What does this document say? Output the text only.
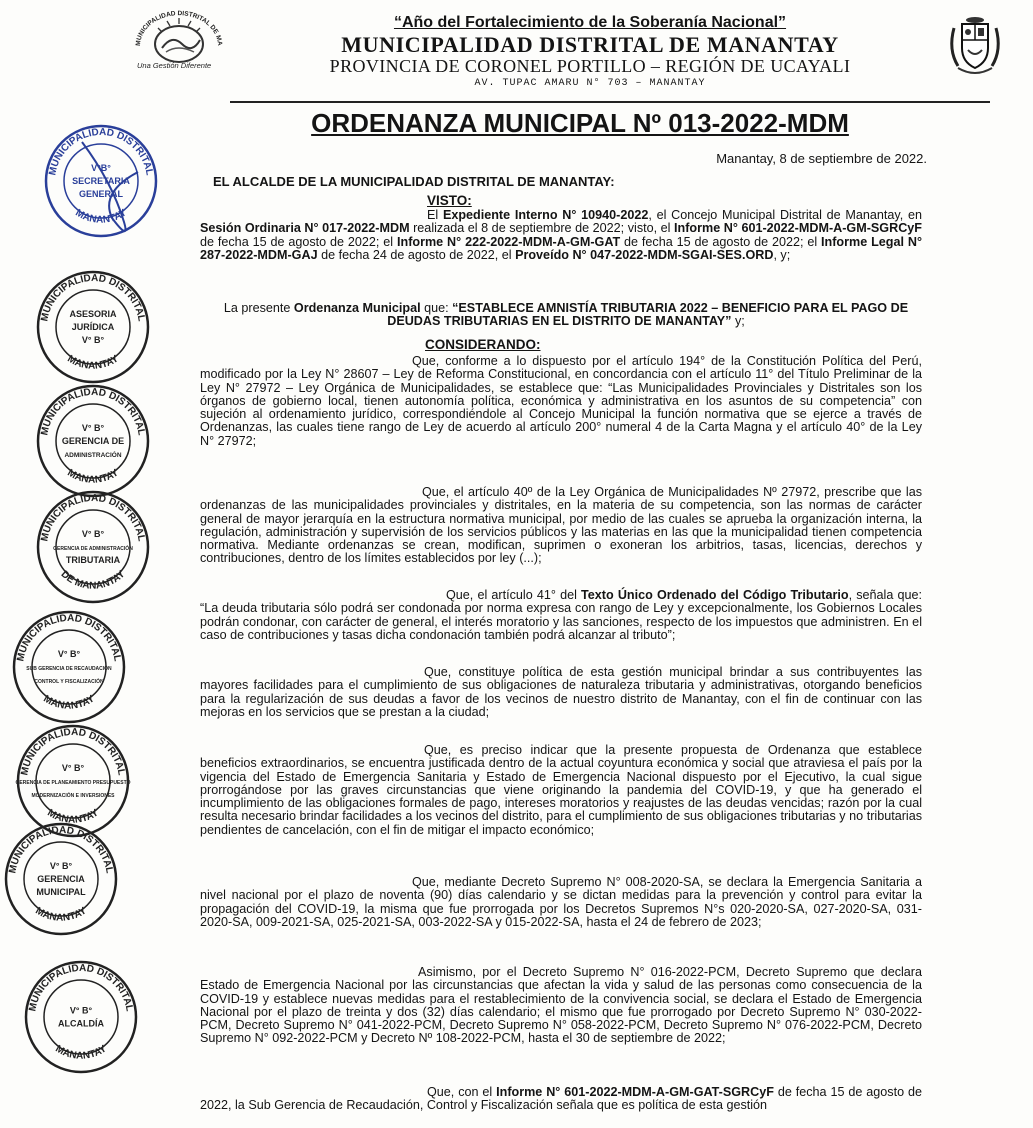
MUNICIPALIDAD DISTRITAL DE MA
Una Gestión Diferente
“Año del Fortalecimiento de la Soberanía Nacional”
MUNICIPALIDAD DISTRITAL DE MANANTAY
PROVINCIA DE CORONEL PORTILLO – REGIÓN DE UCAYALI
AV. TUPAC AMARU N° 703 – MANANTAY
ORDENANZA MUNICIPAL Nº 013-2022-MDM
Manantay, 8 de septiembre de 2022.
EL ALCALDE DE LA MUNICIPALIDAD DISTRITAL DE MANANTAY:
VISTO:

El Expediente Interno N° 10940-2022, el Concejo Municipal Distrital de Manantay, en Sesión Ordinaria N° 017-2022-MDM realizada el 8 de septiembre de 2022; visto, el Informe N° 601-2022-MDM-A-GM-SGRCyF de fecha 15 de agosto de 2022; el Informe N° 222-2022-MDM-A-GM-GAT de fecha 15 de agosto de 2022; el Informe Legal N° 287-2022-MDM-GAJ de fecha 24 de agosto de 2022, el Proveído N° 047-2022-MDM-SGAI-SES.ORD, y;

La presente Ordenanza Municipal que: “ESTABLECE AMNISTÍA TRIBUTARIA 2022 – BENEFICIO PARA EL PAGO DE DEUDAS TRIBUTARIAS EN EL DISTRITO DE MANANTAY” y;

CONSIDERANDO:

Que, conforme a lo dispuesto por el artículo 194° de la Constitución Política del Perú, modificado por la Ley N° 28607 – Ley de Reforma Constitucional, en concordancia con el artículo 11° del Título Preliminar de la Ley N° 27972 – Ley Orgánica de Municipalidades, se establece que: “Las Municipalidades Provinciales y Distritales son los órganos de gobierno local, tienen autonomía política, económica y administrativa en los asuntos de su competencia” con sujeción al ordenamiento jurídico, correspondiéndole al Concejo Municipal la función normativa que se ejerce a través de Ordenanzas, las cuales tiene rango de Ley de acuerdo al artículo 200° numeral 4 de la Carta Magna y el artículo 40° de la Ley N° 27972;

Que, el artículo 40º de la Ley Orgánica de Municipalidades Nº 27972, prescribe que las ordenanzas de las municipalidades provinciales y distritales, en la materia de su competencia, son las normas de carácter general de mayor jerarquía en la estructura normativa municipal, por medio de las cuales se aprueba la organización interna, la regulación, administración y supervisión de los servicios públicos y las materias en las que la municipalidad tienen competencia normativa. Mediante ordenanzas se crean, modifican, suprimen o exoneran los arbitrios, tasas, licencias, derechos y contribuciones, dentro de los límites establecidos por ley (...);

Que, el artículo 41° del Texto Único Ordenado del Código Tributario, señala que: “La deuda tributaria sólo podrá ser condonada por norma expresa con rango de Ley y excepcionalmente, los Gobiernos Locales podrán condonar, con carácter de general, el interés moratorio y las sanciones, respecto de los impuestos que administren. En el caso de contribuciones y tasas dicha condonación también podrá alcanzar al tributo”;

Que, constituye política de esta gestión municipal brindar a sus contribuyentes las mayores facilidades para el cumplimiento de sus obligaciones de naturaleza tributaria y administrativas, otorgando beneficios para la regularización de sus deudas a favor de los vecinos de nuestro distrito de Manantay, con el fin de continuar con las mejoras en los servicios que se prestan a la ciudad;

Que, es preciso indicar que la presente propuesta de Ordenanza que establece beneficios extraordinarios, se encuentra justificada dentro de la actual coyuntura económica y social que atraviesa el país por la vigencia del Estado de Emergencia Sanitaria y Estado de Emergencia Nacional dispuesto por el Ejecutivo, la cual sigue prorrogándose por las graves circunstancias que viene originando la pandemia del COVID-19, y que ha generado el incumplimiento de las obligaciones formales de pago, intereses moratorios y reajustes de las deudas vencidas; razón por la cual resulta necesario brindar facilidades a los vecinos del distrito, para el cumplimiento de sus obligaciones tributarias y no tributarias pendientes de cancelación, con el fin de mitigar el impacto económico;

Que, mediante Decreto Supremo N° 008-2020-SA, se declara la Emergencia Sanitaria a nivel nacional por el plazo de noventa (90) días calendario y se dictan medidas para la prevención y control para evitar la propagación del COVID-19, la misma que fue prorrogada por los Decretos Supremos N°s 020-2020-SA, 027-2020-SA, 031-2020-SA, 009-2021-SA, 025-2021-SA, 003-2022-SA y 015-2022-SA, hasta el 24 de febrero de 2023;

Asimismo, por el Decreto Supremo N° 016-2022-PCM, Decreto Supremo que declara Estado de Emergencia Nacional por las circunstancias que afectan la vida y salud de las personas como consecuencia de la COVID-19 y establece nuevas medidas para el restablecimiento de la convivencia social, se declara el Estado de Emergencia Nacional por el plazo de treinta y dos (32) días calendario; el mismo que fue prorrogado por Decreto Supremo N° 030-2022-PCM, Decreto Supremo N° 041-2022-PCM, Decreto Supremo N° 058-2022-PCM, Decreto Supremo N° 076-2022-PCM, Decreto Supremo N° 092-2022-PCM y Decreto Nº 108-2022-PCM, hasta el 30 de septiembre de 2022;

Que, con el Informe N° 601-2022-MDM-A-GM-GAT-SGRCyF de fecha 15 de agosto de 2022, la Sub Gerencia de Recaudación, Control y Fiscalización señala que es política de esta gestión

MUNICIPALIDAD DISTRITAL
MANANTAY
V°B°
SECRETARIA
GENERAL
MUNICIPALIDAD DISTRITAL
MANANTAY
ASESORIA
JURÍDICA
V° B°
MUNICIPALIDAD DISTRITAL
MANANTAY
V° B°
GERENCIA DE
ADMINISTRACIÓN
MUNICIPALIDAD DISTRITAL
DE MANANTAY
V° B°
GERENCIA DE ADMINISTRACIÓN
TRIBUTARIA
MUNICIPALIDAD DISTRITAL
MANANTAY
V° B°
SUB GERENCIA DE RECAUDACIÓN
CONTROL Y FISCALIZACIÓN
MUNICIPALIDAD DISTRITAL
MANANTAY
V° B°
GERENCIA DE PLANEAMIENTO PRESUPUESTO
MODERNIZACIÓN E INVERSIONES
MUNICIPALIDAD DISTRITAL
MANANTAY
V° B°
GERENCIA
MUNICIPAL
MUNICIPALIDAD DISTRITAL
MANANTAY
V° B°
ALCALDÍA
